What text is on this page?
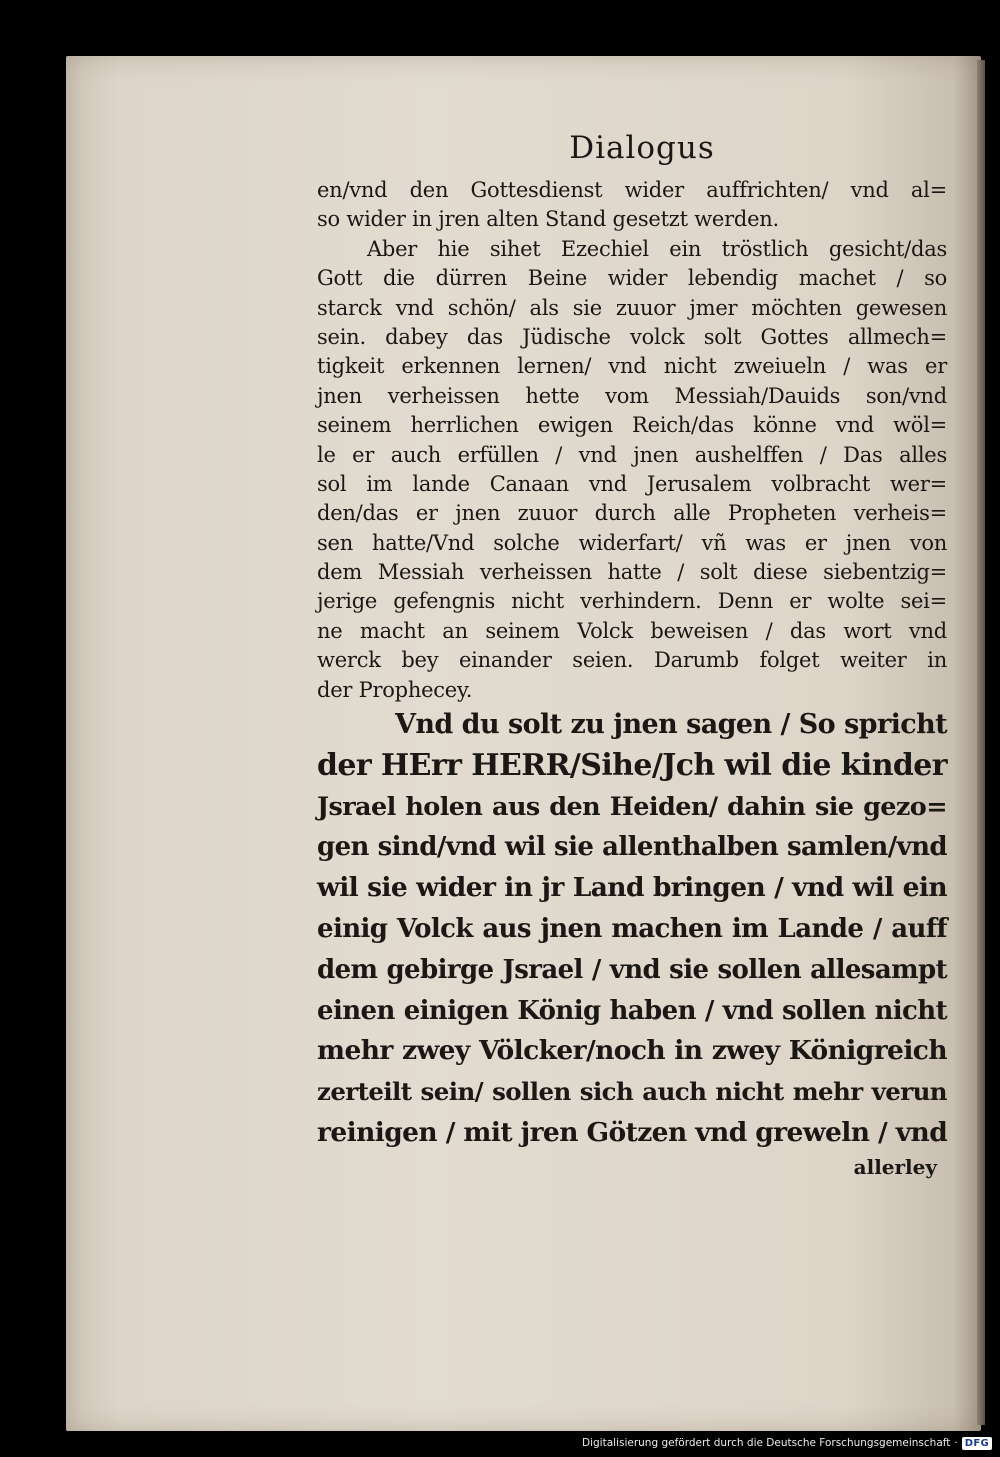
Dialogus
en/vnd den Gottesdienst wider auffrichten/ vnd al=
so wider in jren alten Stand gesetzt werden.
Aber hie sihet Ezechiel ein tröstlich gesicht/das
Gott die dürren Beine wider lebendig machet / so
starck vnd schön/ als sie zuuor jmer möchten gewesen
sein. dabey das Jüdische volck solt Gottes allmech=
tigkeit erkennen lernen/ vnd nicht zweiueln / was er
jnen verheissen hette vom Messiah/Dauids son/vnd
seinem herrlichen ewigen Reich/das könne vnd wöl=
le er auch erfüllen / vnd jnen aushelffen / Das alles
sol im lande Canaan vnd Jerusalem volbracht wer=
den/das er jnen zuuor durch alle Propheten verheis=
sen hatte/Vnd solche widerfart/ vñ was er jnen von
dem Messiah verheissen hatte / solt diese siebentzig=
jerige gefengnis nicht verhindern. Denn er wolte sei=
ne macht an seinem Volck beweisen / das wort vnd
werck bey einander seien. Darumb folget weiter in
der Prophecey.
Vnd du solt zu jnen sagen / So spricht
der HErr HERR/Sihe/Jch wil die kinder
Jsrael holen aus den Heiden/ dahin sie gezo=
gen sind/vnd wil sie allenthalben samlen/vnd
wil sie wider in jr Land bringen / vnd wil ein
einig Volck aus jnen machen im Lande / auff
dem gebirge Jsrael / vnd sie sollen allesampt
einen einigen König haben / vnd sollen nicht
mehr zwey Völcker/noch in zwey Königreich
zerteilt sein/ sollen sich auch nicht mehr verun
reinigen / mit jren Götzen vnd greweln / vnd
allerley
Digitalisierung gefördert durch die Deutsche Forschungsgemeinschaft · DFG
